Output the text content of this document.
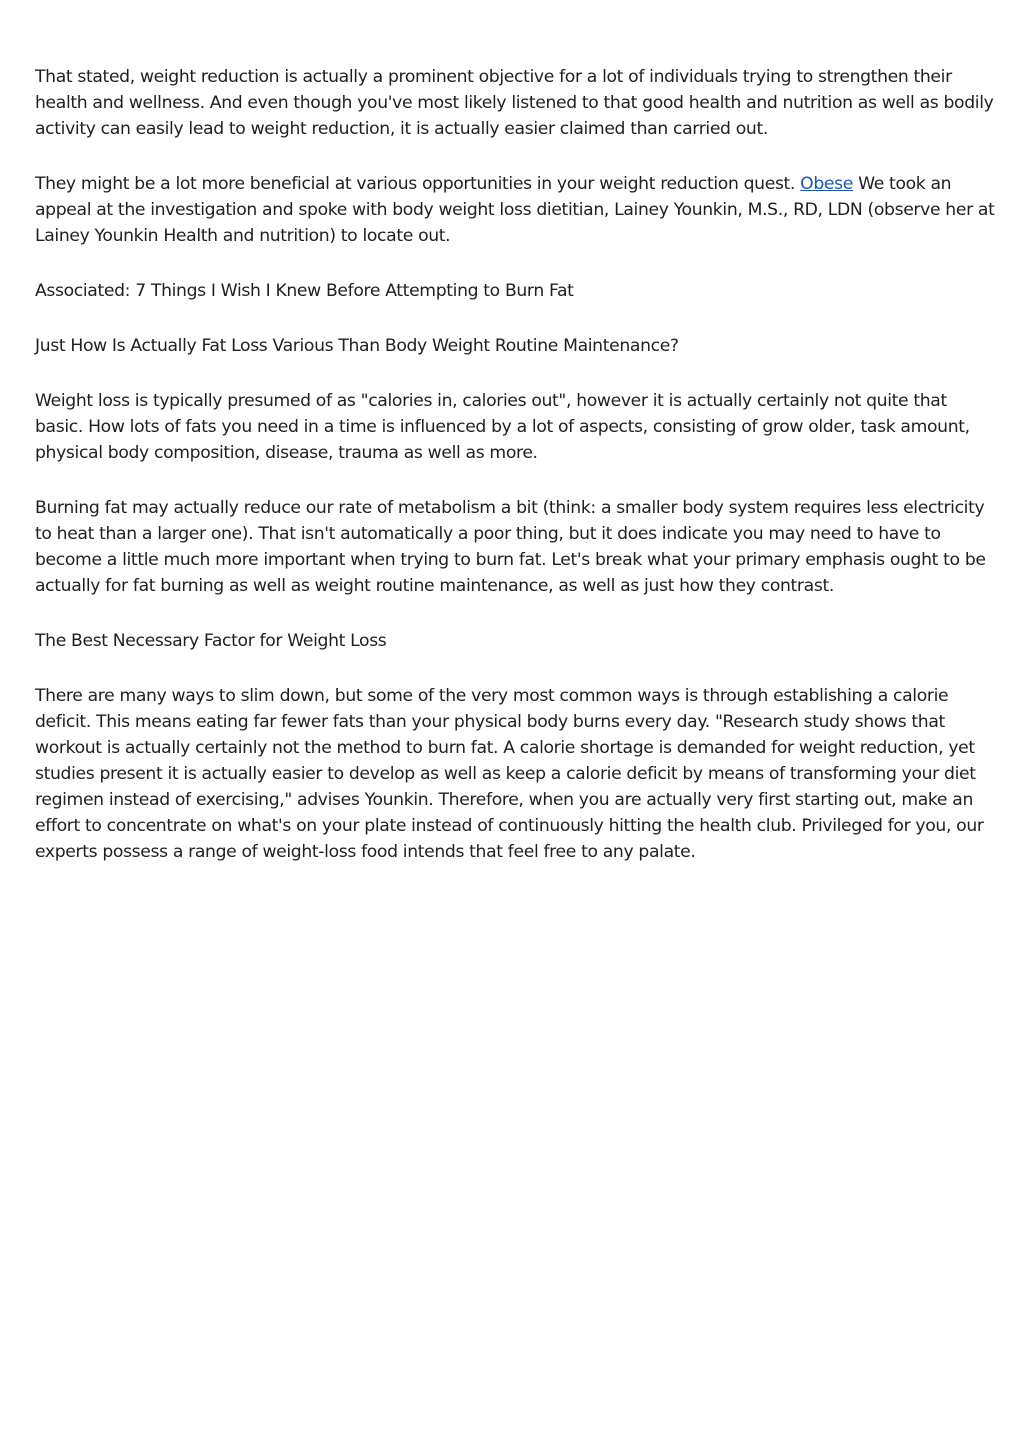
That stated, weight reduction is actually a prominent objective for a lot of individuals trying to strengthen their health and wellness. And even though you've most likely listened to that good health and nutrition as well as bodily activity can easily lead to weight reduction, it is actually easier claimed than carried out.

They might be a lot more beneficial at various opportunities in your weight reduction quest. Obese We took an appeal at the investigation and spoke with body weight loss dietitian, Lainey Younkin, M.S., RD, LDN (observe her at Lainey Younkin Health and nutrition) to locate out.

Associated: 7 Things I Wish I Knew Before Attempting to Burn Fat

Just How Is Actually Fat Loss Various Than Body Weight Routine Maintenance?

Weight loss is typically presumed of as "calories in, calories out", however it is actually certainly not quite that basic. How lots of fats you need in a time is influenced by a lot of aspects, consisting of grow older, task amount, physical body composition, disease, trauma as well as more.

Burning fat may actually reduce our rate of metabolism a bit (think: a smaller body system requires less electricity to heat than a larger one). That isn't automatically a poor thing, but it does indicate you may need to have to become a little much more important when trying to burn fat. Let's break what your primary emphasis ought to be actually for fat burning as well as weight routine maintenance, as well as just how they contrast.

The Best Necessary Factor for Weight Loss

There are many ways to slim down, but some of the very most common ways is through establishing a calorie deficit. This means eating far fewer fats than your physical body burns every day. "Research study shows that workout is actually certainly not the method to burn fat. A calorie shortage is demanded for weight reduction, yet studies present it is actually easier to develop as well as keep a calorie deficit by means of transforming your diet regimen instead of exercising," advises Younkin. Therefore, when you are actually very first starting out, make an effort to concentrate on what's on your plate instead of continuously hitting the health club. Privileged for you, our experts possess a range of weight-loss food intends that feel free to any palate.
